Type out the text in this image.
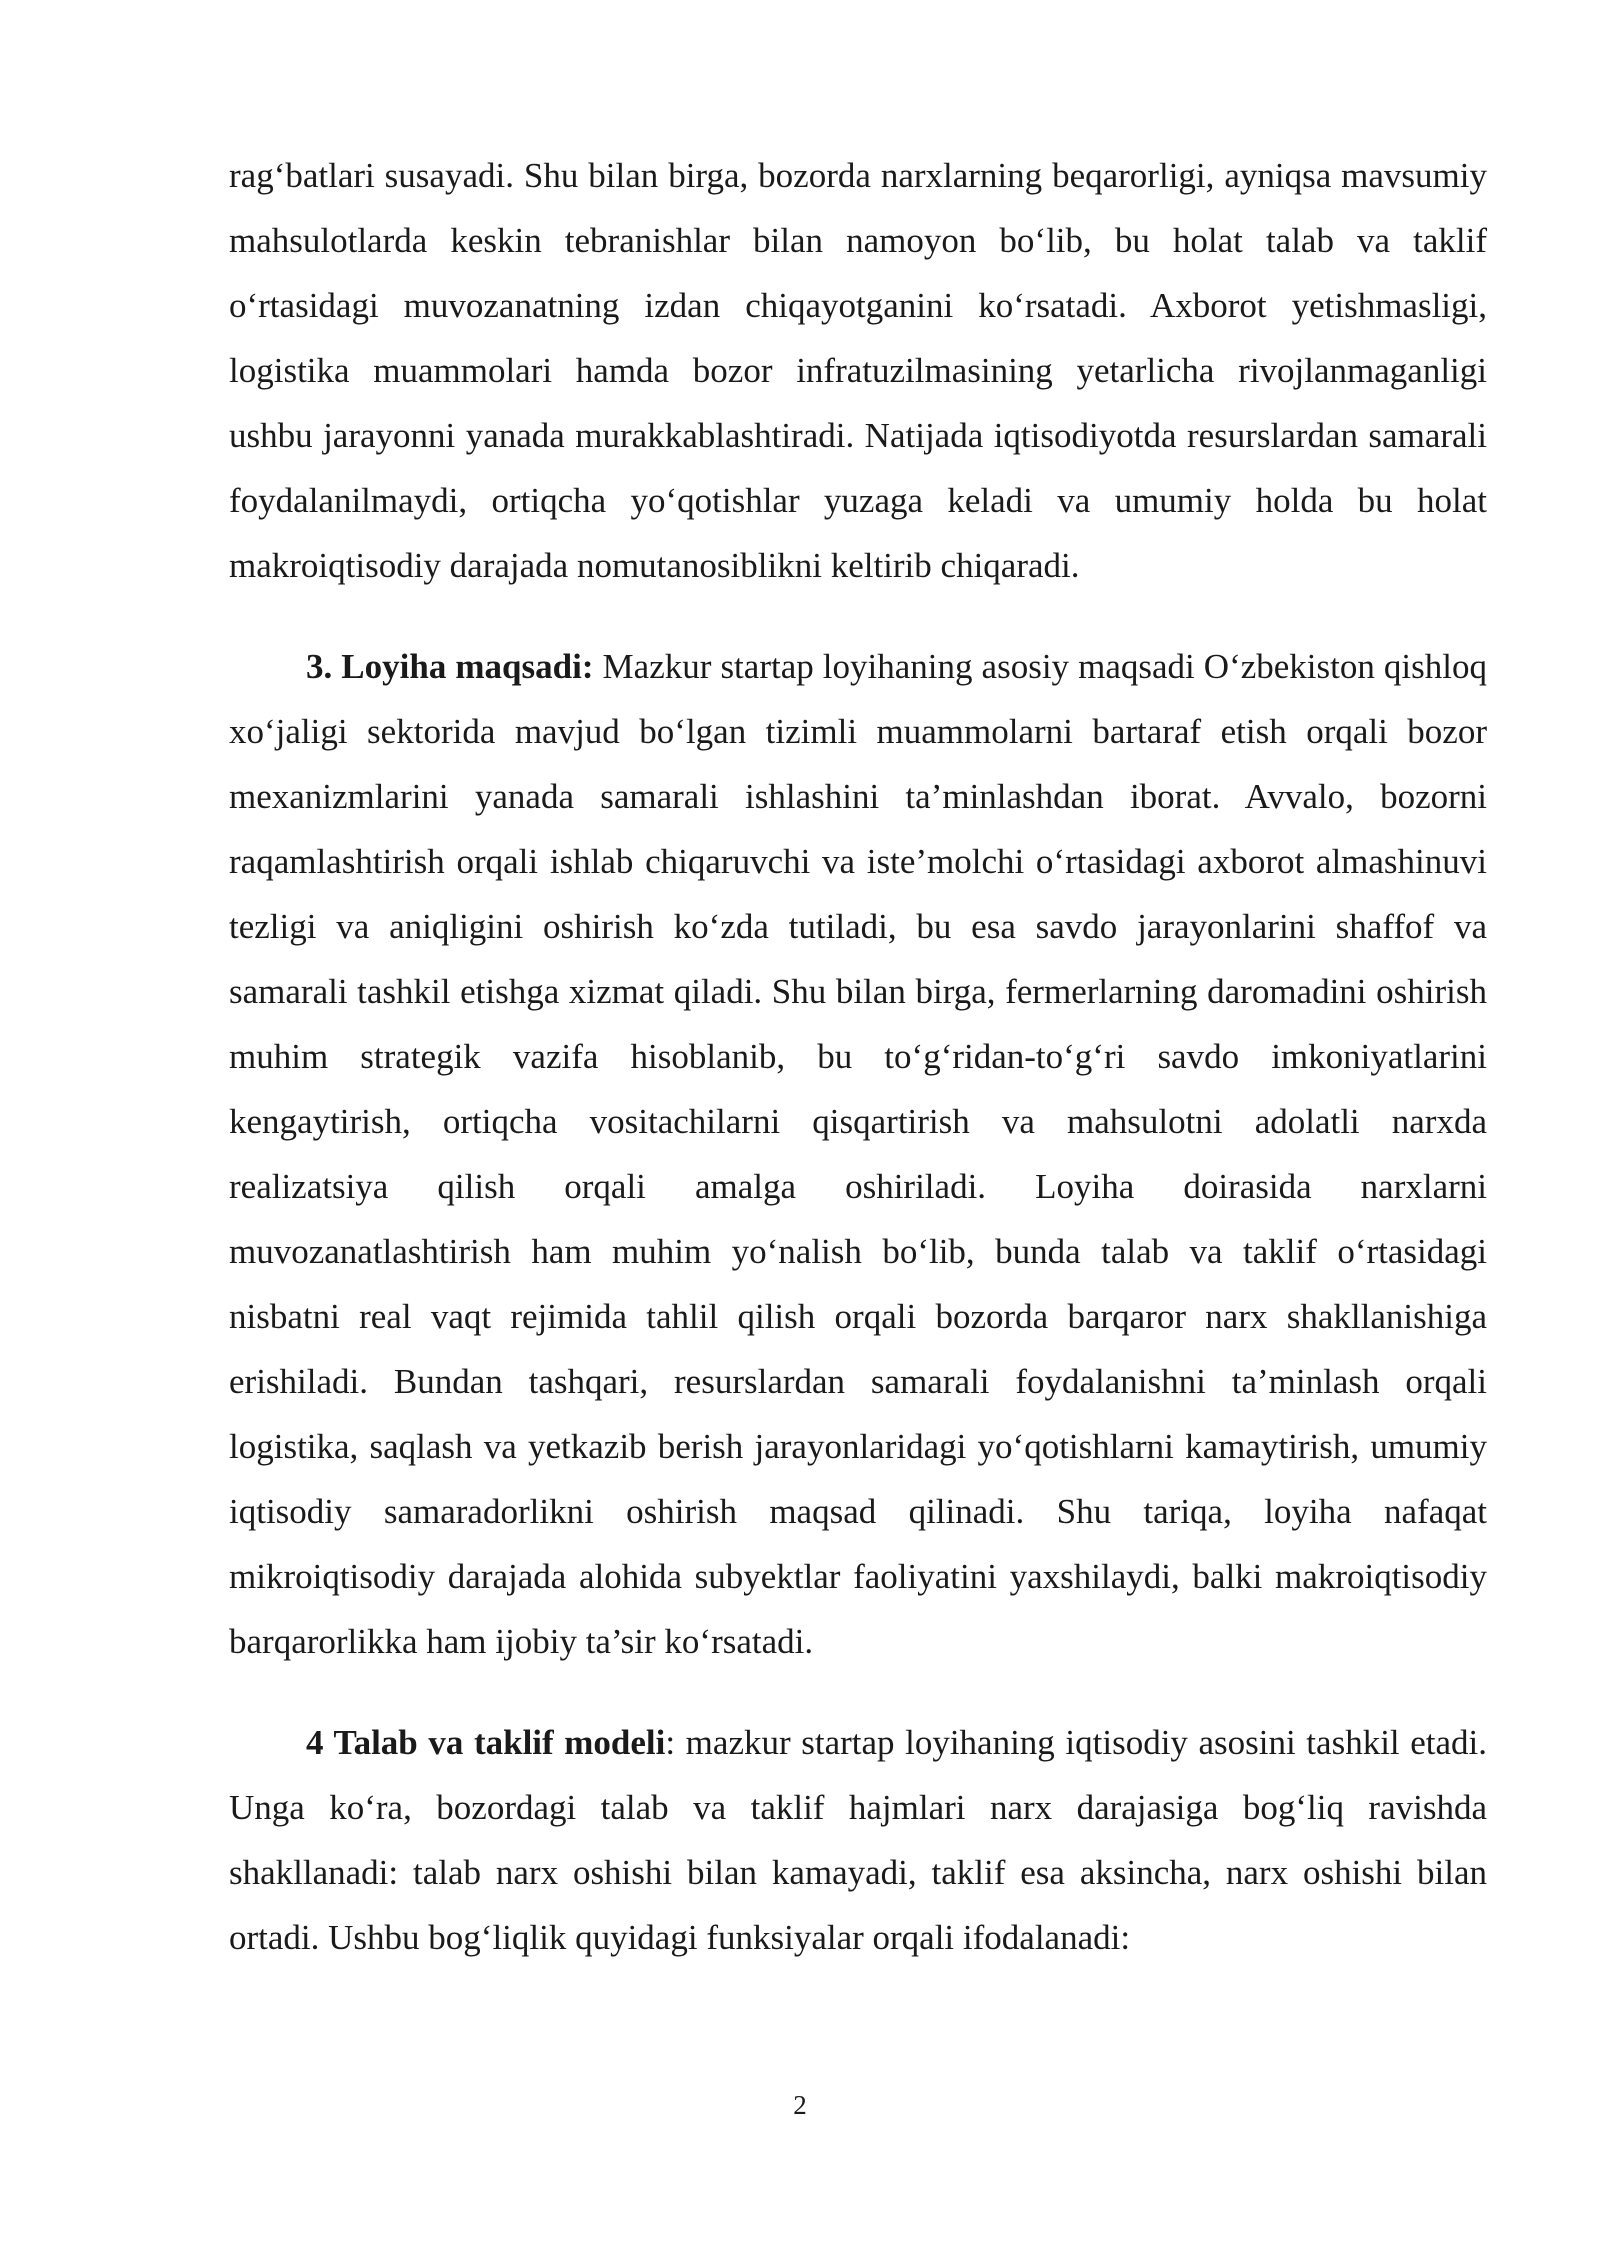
rag‘batlari susayadi. Shu bilan birga, bozorda narxlarning beqarorligi, ayniqsa mavsumiy mahsulotlarda keskin tebranishlar bilan namoyon bo‘lib, bu holat talab va taklif o‘rtasidagi muvozanatning izdan chiqayotganini ko‘rsatadi. Axborot yetishmasligi, logistika muammolari hamda bozor infratuzilmasining yetarlicha rivojlanmaganligi ushbu jarayonni yanada murakkablashtiradi. Natijada iqtisodiyotda resurslardan samarali foydalanilmaydi, ortiqcha yo‘qotishlar yuzaga keladi va umumiy holda bu holat makroiqtisodiy darajada nomutanosiblikni keltirib chiqaradi.

3. Loyiha maqsadi: Mazkur startap loyihaning asosiy maqsadi O‘zbekiston qishloq xo‘jaligi sektorida mavjud bo‘lgan tizimli muammolarni bartaraf etish orqali bozor mexanizmlarini yanada samarali ishlashini ta’minlashdan iborat. Avvalo, bozorni raqamlashtirish orqali ishlab chiqaruvchi va iste’molchi o‘rtasidagi axborot almashinuvi tezligi va aniqligini oshirish ko‘zda tutiladi, bu esa savdo jarayonlarini shaffof va samarali tashkil etishga xizmat qiladi. Shu bilan birga, fermerlarning daromadini oshirish muhim strategik vazifa hisoblanib, bu to‘g‘ridan-to‘g‘ri savdo imkoniyatlarini kengaytirish, ortiqcha vositachilarni qisqartirish va mahsulotni adolatli narxda realizatsiya qilish orqali amalga oshiriladi. Loyiha doirasida narxlarni muvozanatlashtirish ham muhim yo‘nalish bo‘lib, bunda talab va taklif o‘rtasidagi nisbatni real vaqt rejimida tahlil qilish orqali bozorda barqaror narx shakllanishiga erishiladi. Bundan tashqari, resurslardan samarali foydalanishni ta’minlash orqali logistika, saqlash va yetkazib berish jarayonlaridagi yo‘qotishlarni kamaytirish, umumiy iqtisodiy samaradorlikni oshirish maqsad qilinadi. Shu tariqa, loyiha nafaqat mikroiqtisodiy darajada alohida subyektlar faoliyatini yaxshilaydi, balki makroiqtisodiy barqarorlikka ham ijobiy ta’sir ko‘rsatadi.

4 Talab va taklif modeli: mazkur startap loyihaning iqtisodiy asosini tashkil etadi. Unga ko‘ra, bozordagi talab va taklif hajmlari narx darajasiga bog‘liq ravishda shakllanadi: talab narx oshishi bilan kamayadi, taklif esa aksincha, narx oshishi bilan ortadi. Ushbu bog‘liqlik quyidagi funksiyalar orqali ifodalanadi:

2
